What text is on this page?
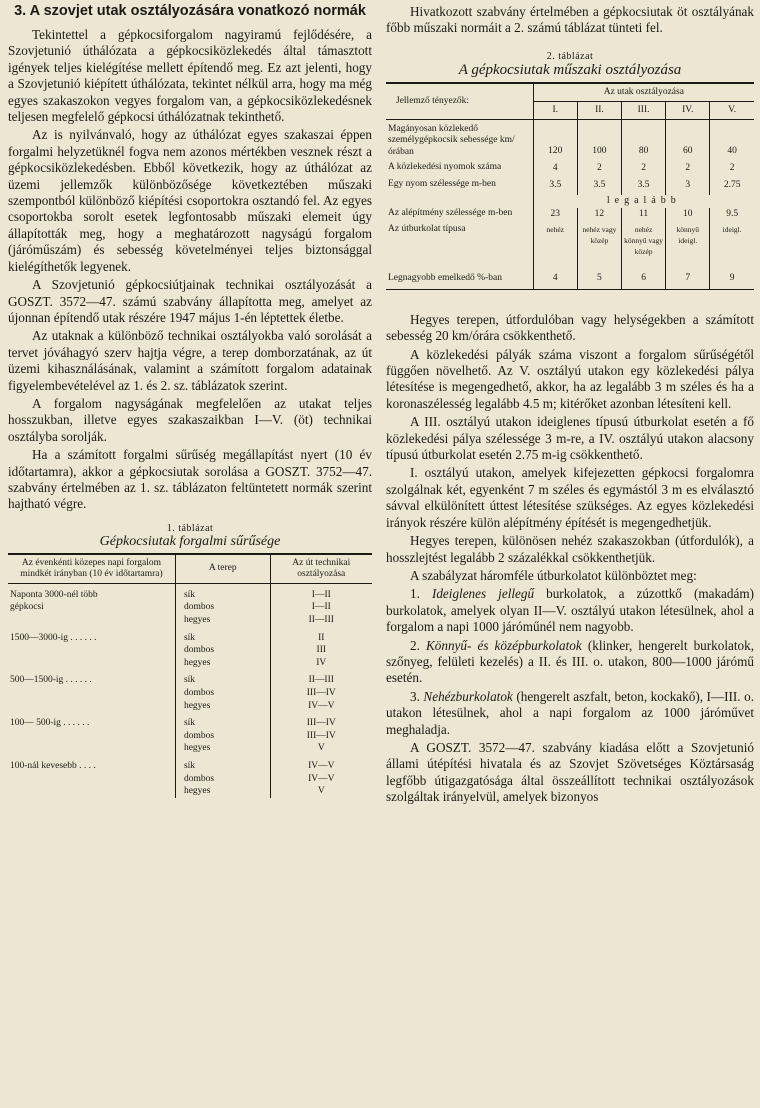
3. A szovjet utak osztályozására vonatkozó normák

Tekintettel a gépkocsiforgalom nagyiramú fejlődésére, a Szovjetunió úthálózata a gépkocsiközlekedés által támasztott igények teljes kielégítése mellett építendő meg. Ez azt jelenti, hogy a Szovjetunió kiépített úthálózata, tekintet nélkül arra, hogy ma még egyes szakaszokon vegyes forgalom van, a gépkocsiközlekedésnek teljesen megfelelő gépkocsi úthálózatnak tekinthető.

Az is nyilvánvaló, hogy az úthálózat egyes szakaszai éppen forgalmi helyzetüknél fogva nem azonos mértékben vesznek részt a gépkocsiközlekedésben. Ebből következik, hogy az úthálózat az üzemi jellemzők különbözősége következtében műszaki szempontból különböző kiépítési csoportokra osztandó fel. Az egyes csoportokba sorolt esetek legfontosabb műszaki elemeit úgy állapították meg, hogy a meghatározott nagyságú forgalom (járóműszám) és sebesség követelményei teljes biztonsággal kielégíthetők legyenek.

A Szovjetunió gépkocsiútjainak technikai osztályozását a GOSZT. 3572—47. számú szabvány állapította meg, amelyet az újonnan építendő utak részére 1947 május 1-én léptettek életbe.

Az utaknak a különböző technikai osztályokba való sorolását a tervet jóváhagyó szerv hajtja végre, a terep domborzatának, az út üzemi kihasználásának, valamint a számított forgalom adatainak figyelembevételével az 1. és 2. sz. táblázatok szerint.

A forgalom nagyságának megfelelően az utakat teljes hosszukban, illetve egyes szakaszaikban I—V. (öt) technikai osztályba sorolják.

Ha a számított forgalmi sűrűség megállapítást nyert (10 év időtartamra), akkor a gépkocsiutak sorolása a GOSZT. 3752—47. szabvány értelmében az 1. sz. táblázaton feltüntetett normák szerint hajtható végre.

1. táblázat
Gépkocsiutak forgalmi sűrűsége
Az évenkénti közepes napi forgalom mindkét irányban (10 év időtartamra)	A terep	Az út technikai osztályozása
Naponta 3000-nél több	sík	I—II
gépkocsi	dombos	I—II
	hegyes	II—III
1500—3000-ig . . . . . .	sík	II
	dombos	III
	hegyes	IV
500—1500-ig . . . . . .	sík	II—III
	dombos	III—IV
	hegyes	IV—V
100— 500-ig . . . . . .	sík	III—IV
	dombos	III—IV
	hegyes	V
100-nál kevesebb . . . .	sík	IV—V
	dombos	IV—V
	hegyes	V

Hivatkozott szabvány értelmében a gépkocsiutak öt osztályának főbb műszaki normáit a 2. számú táblázat tünteti fel.

2. táblázat
A gépkocsiutak műszaki osztályozása
Jellemző tényezők:	Az utak osztályozása				
	I.	II.	III.	IV.	V.
Magányosan közlekedő személygépkocsik sebessége km/órában	120	100	80	60	40
A közlekedési nyomok száma	4	2	2	2	2
Egy nyom szélessége m-ben	3.5	3.5	3.5	3	2.75
	legalább				
Az alépítmény szélessége m-ben	23	12	11	10	9.5
Az útburkolat típusa	nehéz	nehéz vagy közép	nehéz könnyű vagy közép	könnyű ideigl.	ideigl.
Legnagyobb emelkedő %-ban	4	5	6	7	9

Hegyes terepen, útfordulóban vagy helységekben a számított sebesség 20 km/órára csökkenthető.

A közlekedési pályák száma viszont a forgalom sűrűségétől függően növelhető. Az V. osztályú utakon egy közlekedési pálya létesítése is megengedhető, akkor, ha az legalább 3 m széles és ha a koronaszélesség legalább 4.5 m; kitérőket azonban létesíteni kell.

A III. osztályú utakon ideiglenes típusú útburkolat esetén a fő közlekedési pálya szélessége 3 m-re, a IV. osztályú utakon alacsony típusú útburkolat esetén 2.75 m-ig csökkenthető.

I. osztályú utakon, amelyek kifejezetten gépkocsi forgalomra szolgálnak két, egyenként 7 m széles és egymástól 3 m es elválasztó sávval elkülönített úttest létesítése szükséges. Az egyes közlekedési irányok részére külön alépítmény építését is megengedhetjük.

Hegyes terepen, különösen nehéz szakaszokban (útfordulók), a hosszlejtést legalább 2 százalékkal csökkenthetjük.

A szabályzat háromféle útburkolatot különböztet meg:

1. Ideiglenes jellegű burkolatok, a zúzottkő (makadám) burkolatok, amelyek olyan II—V. osztályú utakon létesülnek, ahol a forgalom a napi 1000 járóműnél nem nagyobb.

2. Könnyű- és középburkolatok (klinker, hengerelt burkolatok, szőnyeg, felületi kezelés) a II. és III. o. utakon, 800—1000 járómű esetén.

3. Nehézburkolatok (hengerelt aszfalt, beton, kockakő), I—III. o. utakon létesülnek, ahol a napi forgalom az 1000 járóművet meghaladja.

A GOSZT. 3572—47. szabvány kiadása előtt a Szovjetunió állami útépítési hivatala és az Szovjet Szövetséges Köztársaság legfőbb útigazgatósága által összeállított technikai osztályozások szolgáltak irányelvül, amelyek bizonyos
